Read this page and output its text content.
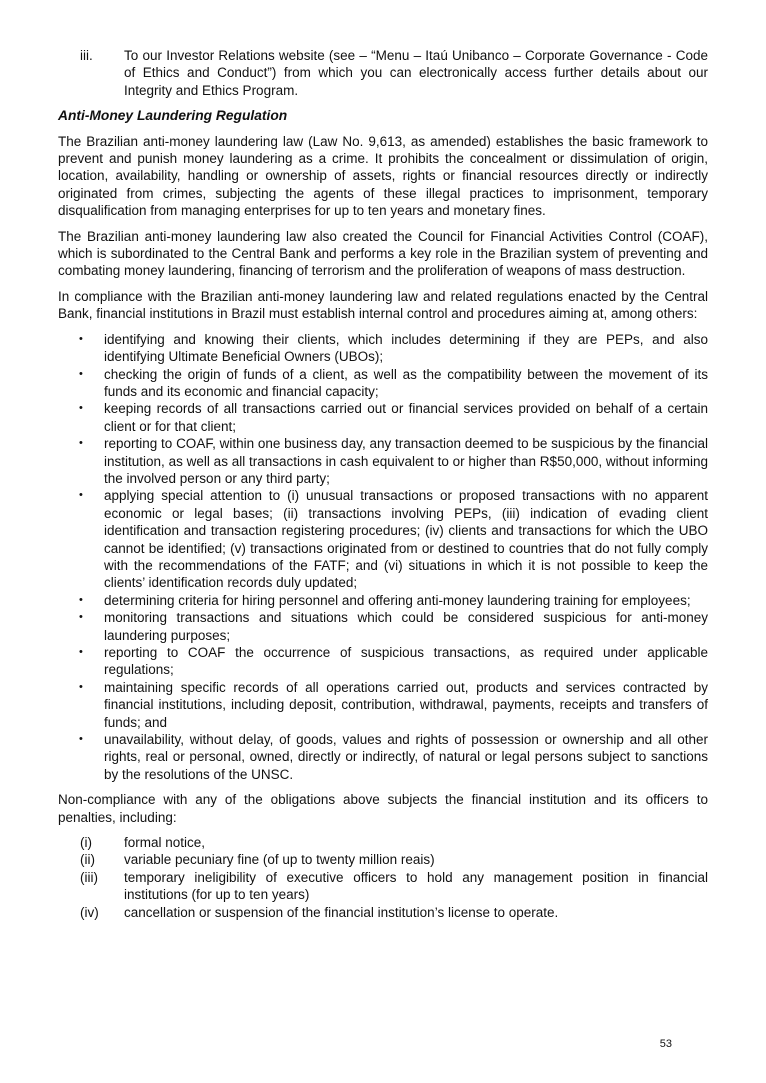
iii.	To our Investor Relations website (see – “Menu – Itaú Unibanco – Corporate Governance - Code of Ethics and Conduct”) from which you can electronically access further details about our Integrity and Ethics Program.
Anti-Money Laundering Regulation

The Brazilian anti-money laundering law (Law No. 9,613, as amended) establishes the basic framework to prevent and punish money laundering as a crime. It prohibits the concealment or dissimulation of origin, location, availability, handling or ownership of assets, rights or financial resources directly or indirectly originated from crimes, subjecting the agents of these illegal practices to imprisonment, temporary disqualification from managing enterprises for up to ten years and monetary fines.

The Brazilian anti-money laundering law also created the Council for Financial Activities Control (COAF), which is subordinated to the Central Bank and performs a key role in the Brazilian system of preventing and combating money laundering, financing of terrorism and the proliferation of weapons of mass destruction.

In compliance with the Brazilian anti-money laundering law and related regulations enacted by the Central Bank, financial institutions in Brazil must establish internal control and procedures aiming at, among others:

•	identifying and knowing their clients, which includes determining if they are PEPs, and also identifying Ultimate Beneficial Owners (UBOs);
•	checking the origin of funds of a client, as well as the compatibility between the movement of its funds and its economic and financial capacity;
•	keeping records of all transactions carried out or financial services provided on behalf of a certain client or for that client;
•	reporting to COAF, within one business day, any transaction deemed to be suspicious by the financial institution, as well as all transactions in cash equivalent to or higher than R$50,000, without informing the involved person or any third party;
•	applying special attention to (i) unusual transactions or proposed transactions with no apparent economic or legal bases; (ii) transactions involving PEPs, (iii) indication of evading client identification and transaction registering procedures; (iv) clients and transactions for which the UBO cannot be identified; (v) transactions originated from or destined to countries that do not fully comply with the recommendations of the FATF; and (vi) situations in which it is not possible to keep the clients’ identification records duly updated;
•	determining criteria for hiring personnel and offering anti-money laundering training for employees;
•	monitoring transactions and situations which could be considered suspicious for anti-money laundering purposes;
•	reporting to COAF the occurrence of suspicious transactions, as required under applicable regulations;
•	maintaining specific records of all operations carried out, products and services contracted by financial institutions, including deposit, contribution, withdrawal, payments, receipts and transfers of funds; and
•	unavailability, without delay, of goods, values and rights of possession or ownership and all other rights, real or personal, owned, directly or indirectly, of natural or legal persons subject to sanctions by the resolutions of the UNSC.

Non-compliance with any of the obligations above subjects the financial institution and its officers to penalties, including:

(i)	formal notice,
(ii)	variable pecuniary fine (of up to twenty million reais)
(iii)	temporary ineligibility of executive officers to hold any management position in financial institutions (for up to ten years)
(iv)	cancellation or suspension of the financial institution’s license to operate.
53
